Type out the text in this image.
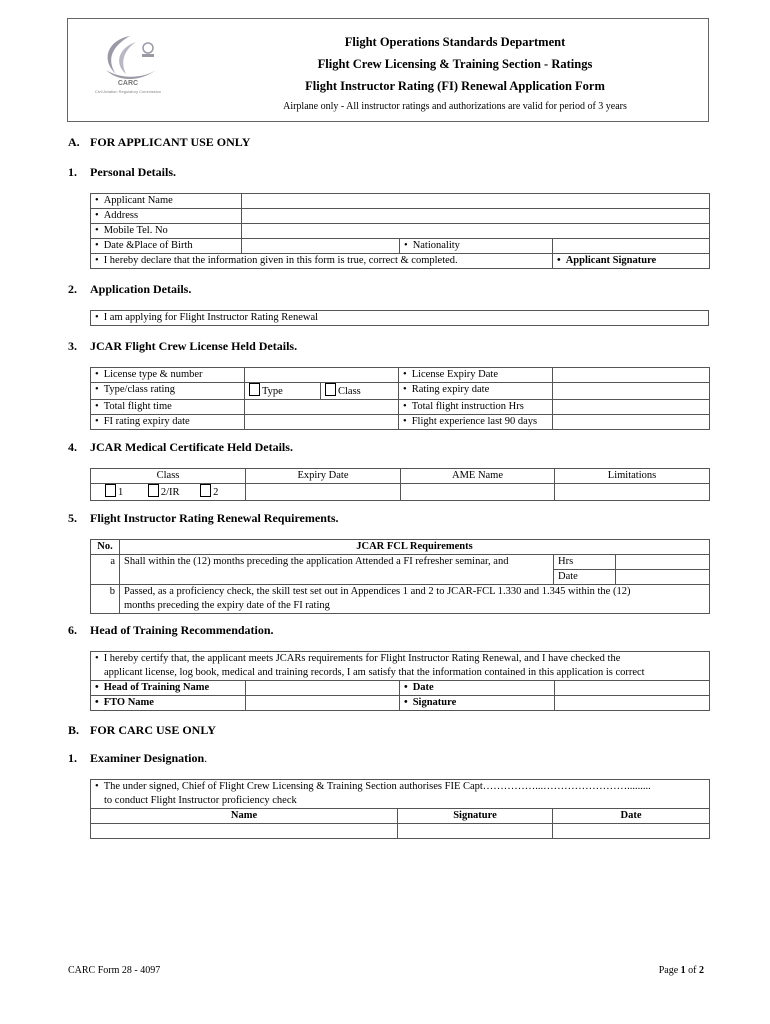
CARC
Civil Aviation Regulatory Commission
Flight Operations Standards Department
Flight Crew Licensing & Training Section - Ratings
Flight Instructor Rating (FI) Renewal Application Form
Airplane only - All instructor ratings and authorizations are valid for period of 3 years
A. FOR APPLICANT USE ONLY
1. Personal Details.
• Applicant Name	
• Address	
• Mobile Tel. No	
• Date &Place of Birth		• Nationality	
• I hereby declare that the information given in this form is true, correct & completed.			• Applicant Signature
2. Application Details.
• I am applying for Flight Instructor Rating Renewal
3. JCAR Flight Crew License Held Details.
• License type & number			• License Expiry Date	
• Type/class rating	Type	Class	• Rating expiry date	
• Total flight time			• Total flight instruction Hrs	
• FI rating expiry date			• Flight experience last 90 days	
4. JCAR Medical Certificate Held Details.
Class	Expiry Date	AME Name	Limitations
1 2/IR 2			
5. Flight Instructor Rating Renewal Requirements.
No.	JCAR FCL Requirements		
a	Shall within the (12) months preceding the application Attended a FI refresher seminar, and	Hrs	
		Date	
b	Passed, as a proficiency check, the skill test set out in Appendices 1 and 2 to JCAR-FCL 1.330 and 1.345 within the (12)
months preceding the expiry date of the FI rating		
6. Head of Training Recommendation.
• I hereby certify that, the applicant meets JCARs requirements for Flight Instructor Rating Renewal, and I have checked the
applicant license, log book, medical and training records, I am satisfy that the information contained in this application is correct

• Head of Training Name		• Date	
• FTO Name		• Signature	
B. FOR CARC USE ONLY
1. Examiner Designation.
• The under signed, Chief of Flight Crew Licensing & Training Section authorises FIE Capt……………...…………………….........
to conduct Flight Instructor proficiency check

Name	Signature	Date

CARC Form 28 - 4097	Page 1 of 2
